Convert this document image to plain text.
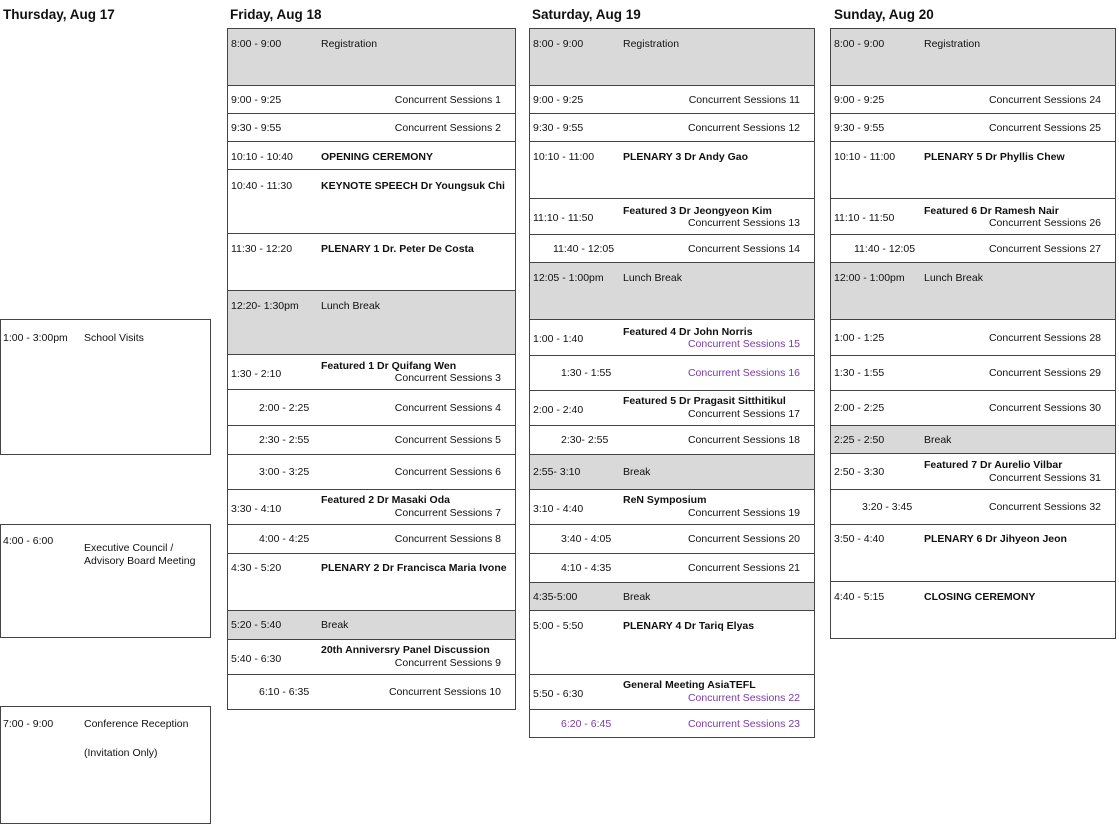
Thursday, Aug 17	Friday, Aug 18	Saturday, Aug 19	Sunday, Aug 20
1:00 - 3:00pm School Visits
4:00 - 6:00
Executive Council /
Advisory Board Meeting
7:00 - 9:00	Conference Reception
(Invitation Only)
8:00 - 9:00	Registration
9:00 - 9:25	Concurrent Sessions 1
9:30 - 9:55	Concurrent Sessions 2
10:10 - 10:40	OPENING CEREMONY
10:40 - 11:30	KEYNOTE SPEECH Dr Youngsuk Chi
11:30 - 12:20	PLENARY 1 Dr. Peter De Costa
12:20- 1:30pm Lunch Break
1:30 - 2:10
Featured 1 Dr Quifang Wen
Concurrent Sessions 3
2:00 - 2:25	Concurrent Sessions 4
2:30 - 2:55	Concurrent Sessions 5
3:00 - 3:25	Concurrent Sessions 6
3:30 - 4:10
Featured 2 Dr Masaki Oda
Concurrent Sessions 7
4:00 - 4:25	Concurrent Sessions 8
4:30 - 5:20	PLENARY 2 Dr Francisca Maria Ivone
5:20 - 5:40	Break
5:40 - 6:30
20th Anniversry Panel Discussion
Concurrent Sessions 9
6:10 - 6:35	Concurrent Sessions 10
8:00 - 9:00	Registration
9:00 - 9:25	Concurrent Sessions 11
9:30 - 9:55	Concurrent Sessions 12
10:10 - 11:00	PLENARY 3 Dr Andy Gao
11:10 - 11:50
Featured 3 Dr Jeongyeon Kim
Concurrent Sessions 13
11:40 - 12:05	Concurrent Sessions 14
12:05 - 1:00pm Lunch Break
1:00 - 1:40
Featured 4 Dr John Norris
Concurrent Sessions 15
1:30 - 1:55	Concurrent Sessions 16
2:00 - 2:40
Featured 5 Dr Pragasit Sitthitikul
Concurrent Sessions 17
2:30- 2:55	Concurrent Sessions 18
2:55- 3:10	Break
3:10 - 4:40
ReN Symposium
Concurrent Sessions 19
3:40 - 4:05	Concurrent Sessions 20
4:10 - 4:35	Concurrent Sessions 21
4:35-5:00	Break
5:00 - 5:50	PLENARY 4 Dr Tariq Elyas
5:50 - 6:30
General Meeting AsiaTEFL
Concurrent Sessions 22
6:20 - 6:45	Concurrent Sessions 23
8:00 - 9:00	Registration
9:00 - 9:25	Concurrent Sessions 24
9:30 - 9:55	Concurrent Sessions 25
10:10 - 11:00	PLENARY 5 Dr Phyllis Chew
11:10 - 11:50
Featured 6 Dr Ramesh Nair
Concurrent Sessions 26
11:40 - 12:05	Concurrent Sessions 27
12:00 - 1:00pm Lunch Break
1:00 - 1:25	Concurrent Sessions 28
1:30 - 1:55	Concurrent Sessions 29
2:00 - 2:25	Concurrent Sessions 30
2:25 - 2:50	Break
2:50 - 3:30
Featured 7 Dr Aurelio Vilbar
Concurrent Sessions 31
3:20 - 3:45	Concurrent Sessions 32
3:50 - 4:40	PLENARY 6 Dr Jihyeon Jeon
4:40 - 5:15	CLOSING CEREMONY
